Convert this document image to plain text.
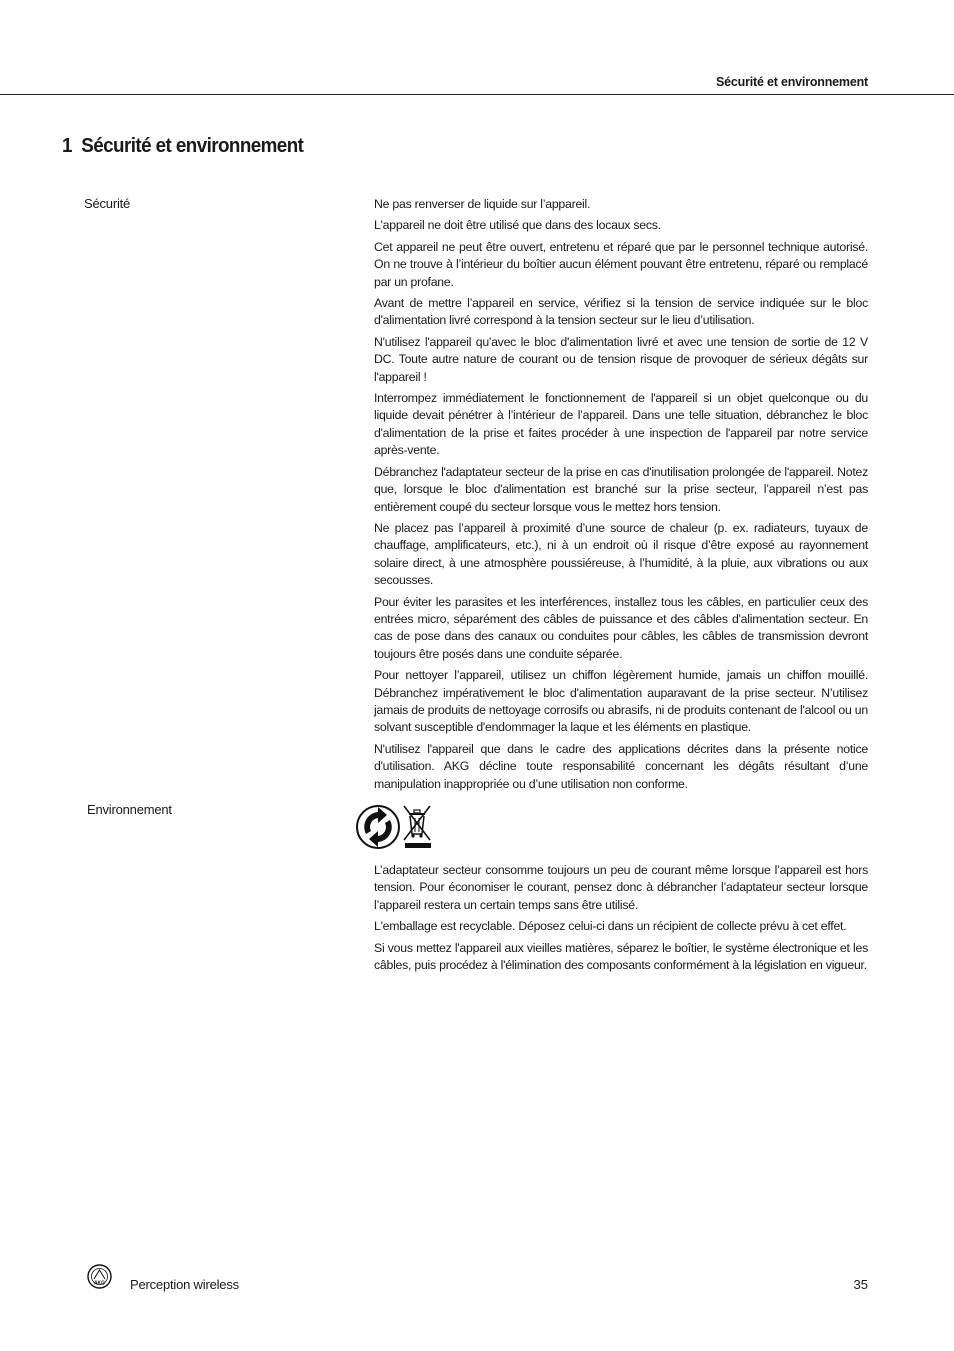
Sécurité et environnement
1 Sécurité et environnement
Sécurité	Ne pas renverser de liquide sur l’appareil.

L'appareil ne doit être utilisé que dans des locaux secs.

Cet appareil ne peut être ouvert, entretenu et réparé que par le personnel technique autorisé. On ne trouve à l’intérieur du boîtier aucun élément pouvant être entretenu, réparé ou remplacé par un profane.

Avant de mettre l’appareil en service, vérifiez si la tension de service indiquée sur le bloc d'alimentation livré correspond à la tension secteur sur le lieu d’utilisation.

N'utilisez l'appareil qu'avec le bloc d'alimentation livré et avec une tension de sortie de 12 V DC. Toute autre nature de courant ou de tension risque de provoquer de sérieux dégâts sur l'appareil !

Interrompez immédiatement le fonctionnement de l'appareil si un objet quelconque ou du liquide devait pénétrer à l’intérieur de l’appareil. Dans une telle situation, débranchez le bloc d'alimentation de la prise et faites procéder à une inspection de l'appareil par notre service après-vente.

Débranchez l'adaptateur secteur de la prise en cas d'inutilisation prolongée de l'appareil. Notez que, lorsque le bloc d'alimentation est branché sur la prise secteur, l’appareil n’est pas entièrement coupé du secteur lorsque vous le mettez hors tension.

Ne placez pas l’appareil à proximité d’une source de chaleur (p. ex. radiateurs, tuyaux de chauffage, amplificateurs, etc.), ni à un endroit où il risque d’être exposé au rayonnement solaire direct, à une atmosphère poussiéreuse, à l’humidité, à la pluie, aux vibrations ou aux secousses.

Pour éviter les parasites et les interférences, installez tous les câbles, en particulier ceux des entrées micro, séparément des câbles de puissance et des câbles d'alimentation secteur. En cas de pose dans des canaux ou conduites pour câbles, les câbles de transmission devront toujours être posés dans une conduite séparée.

Pour nettoyer l’appareil, utilisez un chiffon légèrement humide, jamais un chiffon mouillé. Débranchez impérativement le bloc d'alimentation auparavant de la prise secteur. N’utilisez jamais de produits de nettoyage corrosifs ou abrasifs, ni de produits contenant de l'alcool ou un solvant susceptible d'endommager la laque et les éléments en plastique.

N'utilisez l'appareil que dans le cadre des applications décrites dans la présente notice d'utilisation. AKG décline toute responsabilité concernant les dégâts résultant d’une manipulation inappropriée ou d’une utilisation non conforme.

Environnement

L’adaptateur secteur consomme toujours un peu de courant même lorsque l’appareil est hors tension. Pour économiser le courant, pensez donc à débrancher l’adaptateur secteur lorsque l’appareil restera un certain temps sans être utilisé.

L'emballage est recyclable. Déposez celui-ci dans un récipient de collecte prévu à cet effet.

Si vous mettez l'appareil aux vieilles matières, séparez le boîtier, le système électronique et les câbles, puis procédez à l'élimination des composants conformément à la législation en vigueur.

AKG Perception wireless	35
